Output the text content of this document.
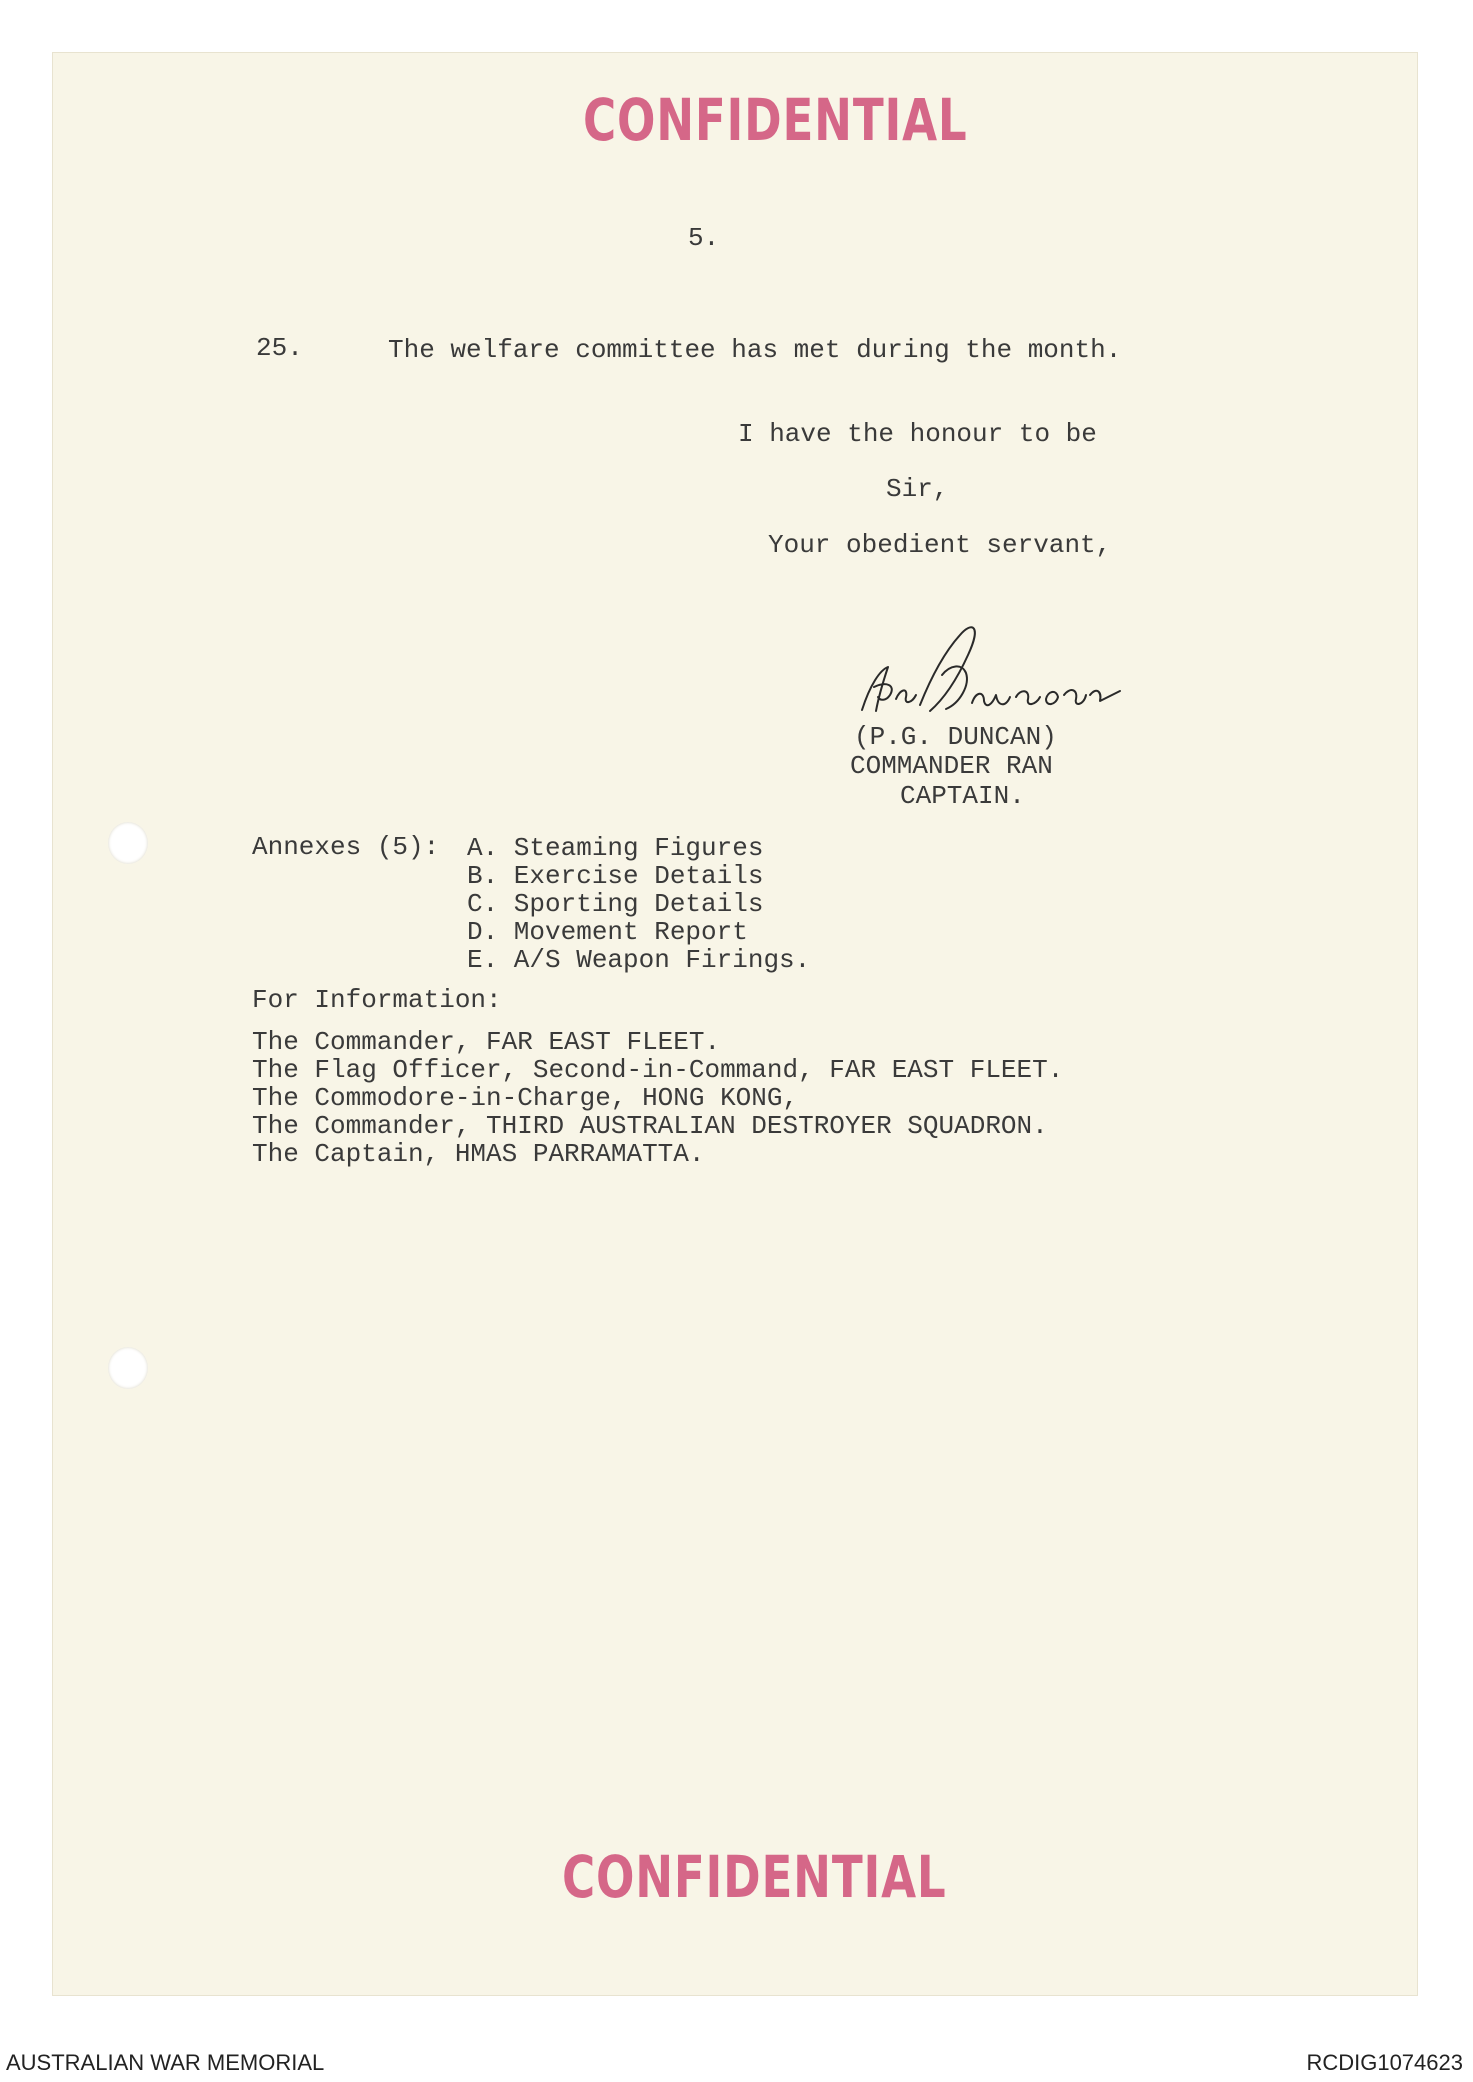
CONFIDENTIAL
5.
25.	The welfare committee has met during the month.
I have the honour to be
Sir,
Your obedient servant,
(P.G. DUNCAN)
COMMANDER RAN
CAPTAIN.
Annexes (5): A. Steaming Figures
B. Exercise Details
C. Sporting Details
D. Movement Report
E. A/S Weapon Firings.
For Information:
The Commander, FAR EAST FLEET.
The Flag Officer, Second-in-Command, FAR EAST FLEET.
The Commodore-in-Charge, HONG KONG,
The Commander, THIRD AUSTRALIAN DESTROYER SQUADRON.
The Captain, HMAS PARRAMATTA.
CONFIDENTIAL
AUSTRALIAN WAR MEMORIAL	RCDIG1074623
